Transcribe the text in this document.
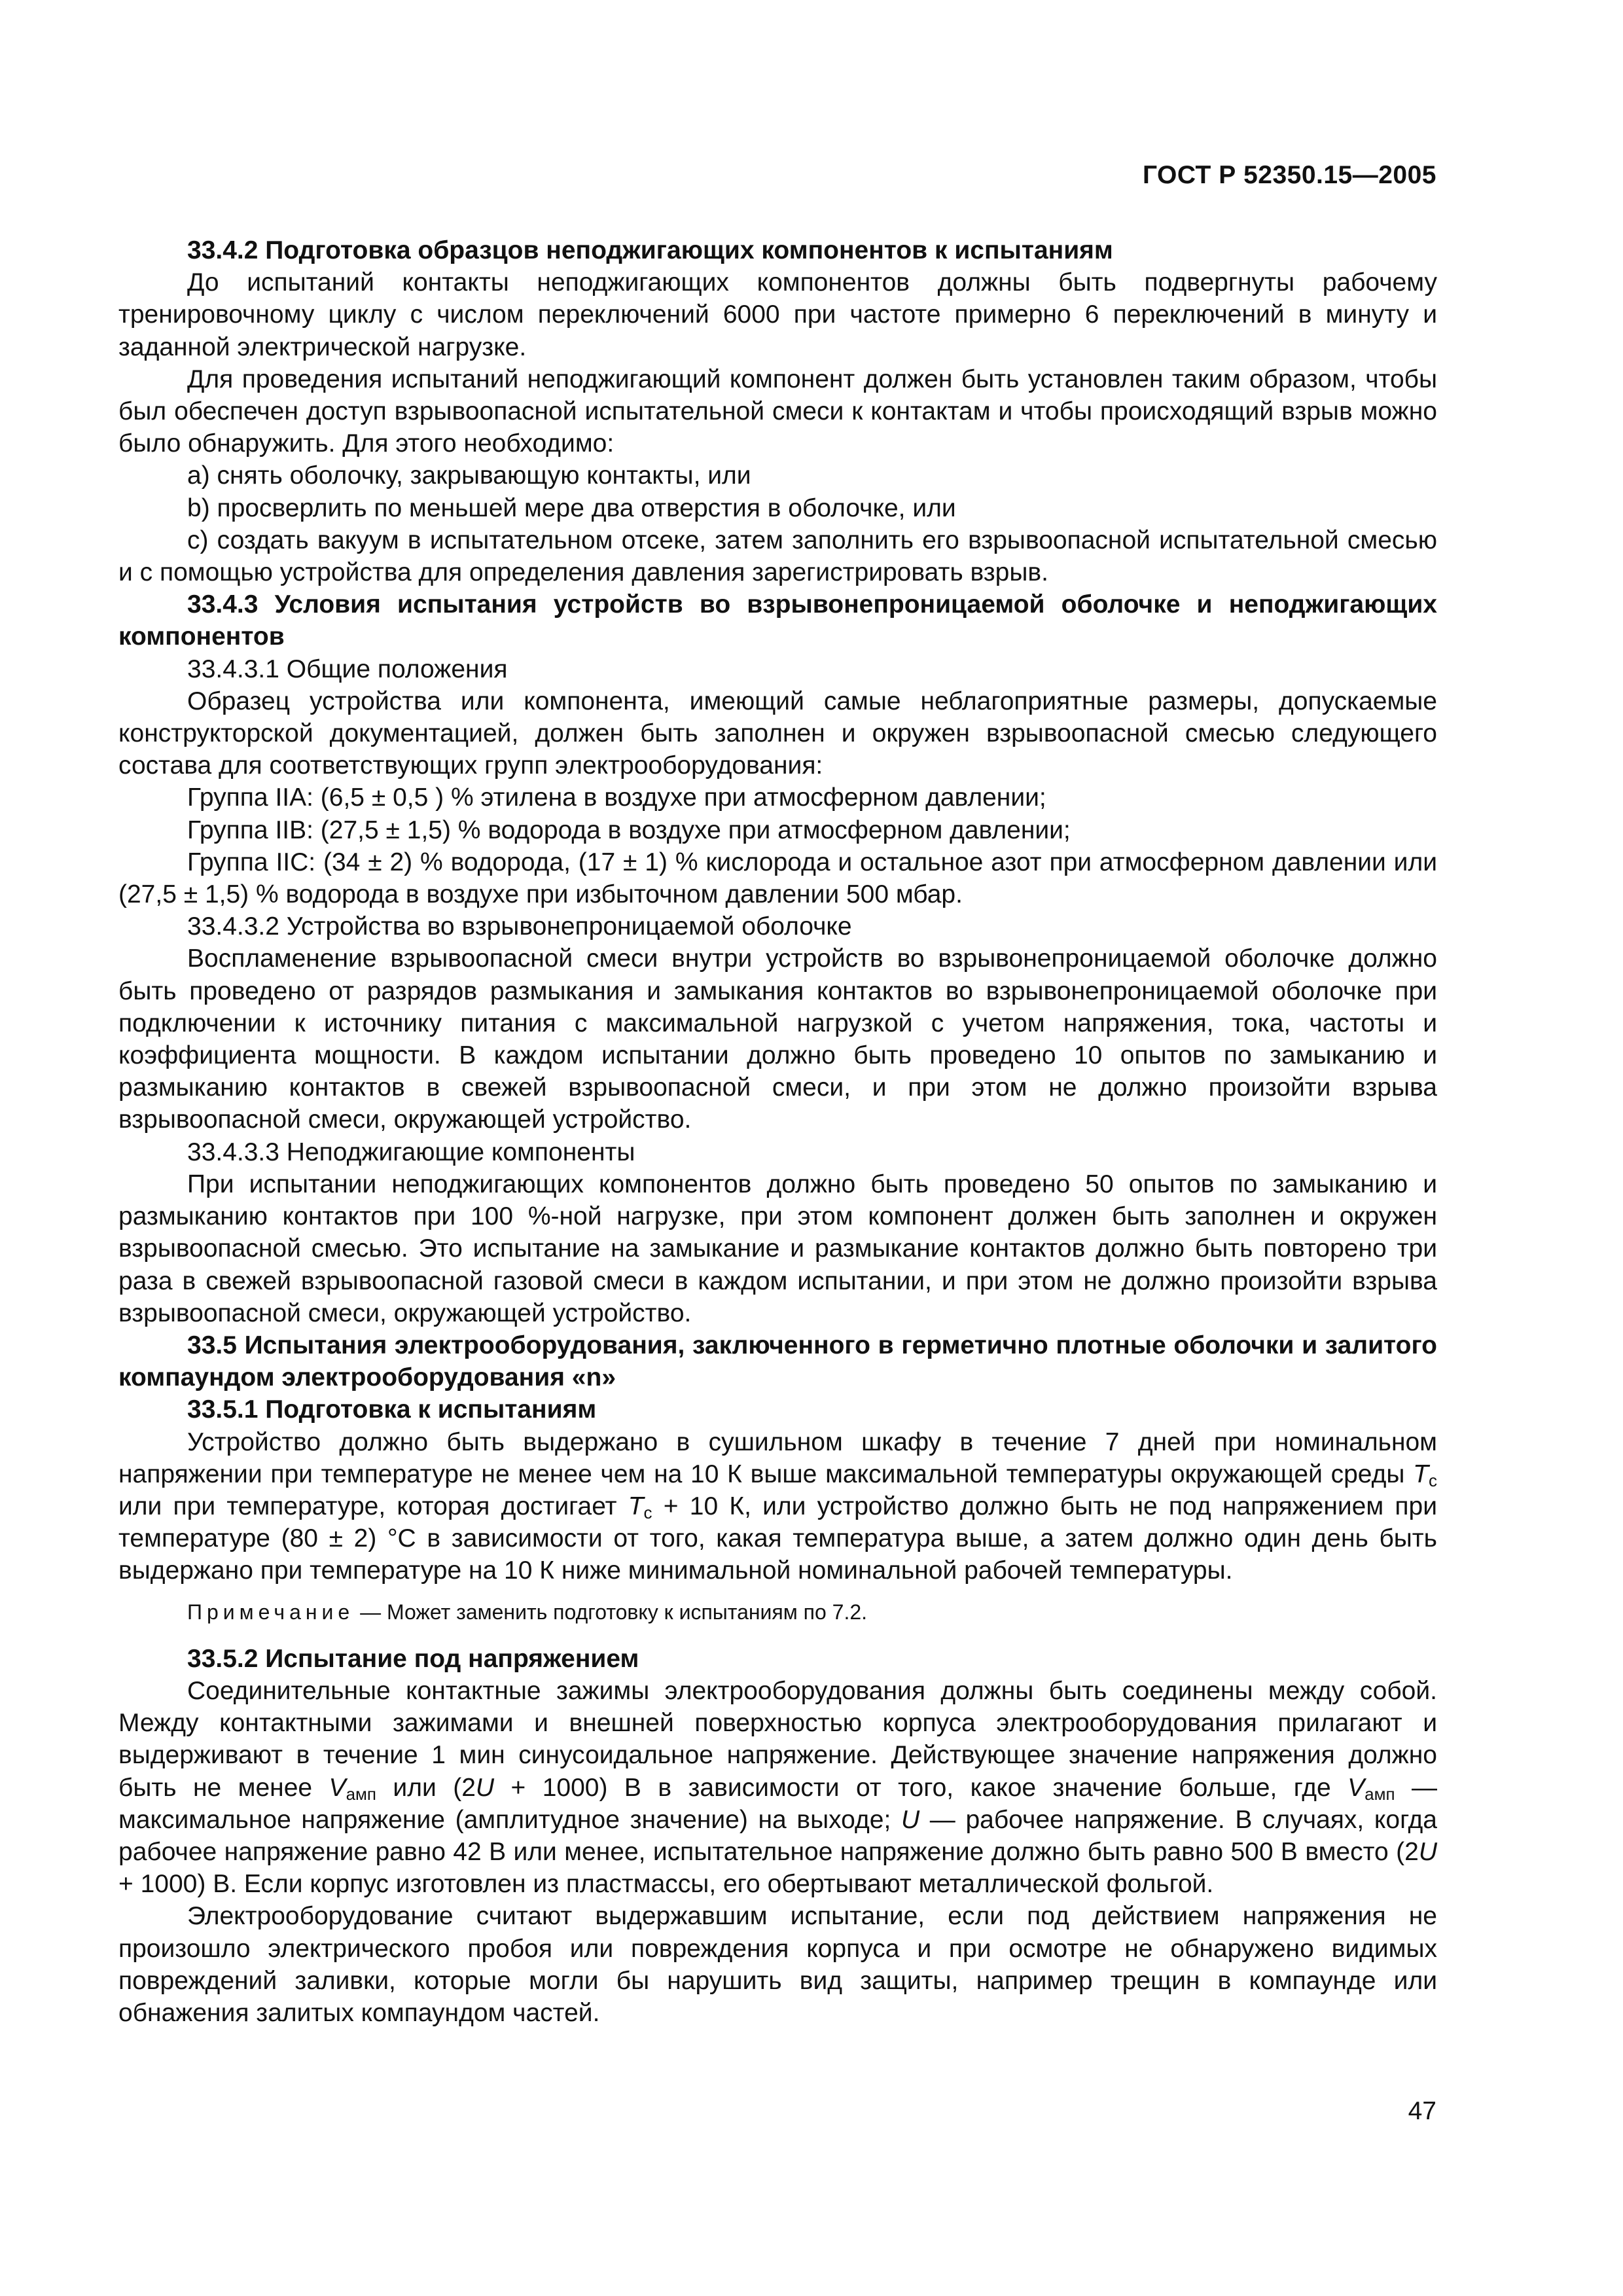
ГОСТ Р 52350.15—2005

33.4.2 Подготовка образцов неподжигающих компонентов к испытаниям

До испытаний контакты неподжигающих компонентов должны быть подвергнуты рабочему тренировочному циклу с числом переключений 6000 при частоте примерно 6 переключений в минуту и заданной электрической нагрузке.

Для проведения испытаний неподжигающий компонент должен быть установлен таким образом, чтобы был обеспечен доступ взрывоопасной испытательной смеси к контактам и чтобы происходящий взрыв можно было обнаружить. Для этого необходимо:

a) снять оболочку, закрывающую контакты, или

b) просверлить по меньшей мере два отверстия в оболочке, или

c) создать вакуум в испытательном отсеке, затем заполнить его взрывоопасной испытательной смесью и с помощью устройства для определения давления зарегистрировать взрыв.

33.4.3 Условия испытания устройств во взрывонепроницаемой оболочке и неподжигающих компонентов

33.4.3.1 Общие положения

Образец устройства или компонента, имеющий самые неблагоприятные размеры, допускаемые конструкторской документацией, должен быть заполнен и окружен взрывоопасной смесью следующего состава для соответствующих групп электрооборудования:

Группа IIA: (6,5 ± 0,5 ) % этилена в воздухе при атмосферном давлении;

Группа IIB: (27,5 ± 1,5) % водорода в воздухе при атмосферном давлении;

Группа IIC: (34 ± 2) % водорода, (17 ± 1) % кислорода и остальное азот при атмосферном давлении или (27,5 ± 1,5) % водорода в воздухе при избыточном давлении 500 мбар.

33.4.3.2 Устройства во взрывонепроницаемой оболочке

Воспламенение взрывоопасной смеси внутри устройств во взрывонепроницаемой оболочке должно быть проведено от разрядов размыкания и замыкания контактов во взрывонепроницаемой оболочке при подключении к источнику питания с максимальной нагрузкой с учетом напряжения, тока, частоты и коэффициента мощности. В каждом испытании должно быть проведено 10 опытов по замыканию и размыканию контактов в свежей взрывоопасной смеси, и при этом не должно произойти взрыва взрывоопасной смеси, окружающей устройство.

33.4.3.3 Неподжигающие компоненты

При испытании неподжигающих компонентов должно быть проведено 50 опытов по замыканию и размыканию контактов при 100 %-ной нагрузке, при этом компонент должен быть заполнен и окружен взрывоопасной смесью. Это испытание на замыкание и размыкание контактов должно быть повторено три раза в свежей взрывоопасной газовой смеси в каждом испытании, и при этом не должно произойти взрыва взрывоопасной смеси, окружающей устройство.

33.5 Испытания электрооборудования, заключенного в герметично плотные оболочки и залитого компаундом электрооборудования «n»

33.5.1 Подготовка к испытаниям

Устройство должно быть выдержано в сушильном шкафу в течение 7 дней при номинальном напряжении при температуре не менее чем на 10 К выше максимальной температуры окружающей среды $T_c$ или при температуре, которая достигает $T_c + 10$ К, или устройство должно быть не под напряжением при температуре (80 ± 2) °С в зависимости от того, какая температура выше, а затем должно один день быть выдержано при температуре на 10 К ниже минимальной номинальной рабочей температуры.

Примечание — Может заменить подготовку к испытаниям по 7.2.

33.5.2 Испытание под напряжением

Соединительные контактные зажимы электрооборудования должны быть соединены между собой. Между контактными зажимами и внешней поверхностью корпуса электрооборудования прилагают и выдерживают в течение 1 мин синусоидальное напряжение. Действующее значение напряжения должно быть не менее $V_{амп}$ или (2U + 1000) В в зависимости от того, какое значение больше, где $V_{амп}$ — максимальное напряжение (амплитудное значение) на выходе; U — рабочее напряжение. В случаях, когда рабочее напряжение равно 42 В или менее, испытательное напряжение должно быть равно 500 В вместо (2U + 1000) В. Если корпус изготовлен из пластмассы, его обертывают металлической фольгой.

Электрооборудование считают выдержавшим испытание, если под действием напряжения не произошло электрического пробоя или повреждения корпуса и при осмотре не обнаружено видимых повреждений заливки, которые могли бы нарушить вид защиты, например трещин в компаунде или обнажения залитых компаундом частей.

47
